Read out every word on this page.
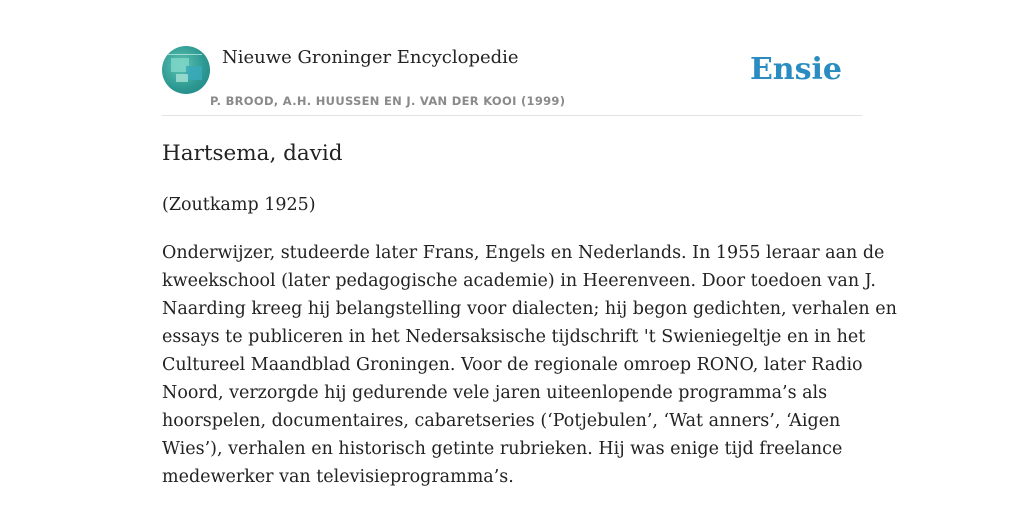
Nieuwe Groninger Encyclopedie
P. BROOD, A.H. HUUSSEN EN J. VAN DER KOOI (1999)
Ensie
Hartsema, david
(Zoutkamp 1925)
Onderwijzer, studeerde later Frans, Engels en Nederlands. In 1955 leraar aan de
kweekschool (later pedagogische academie) in Heerenveen. Door toedoen van J.
Naarding kreeg hij belangstelling voor dialecten; hij begon gedichten, verhalen en
essays te publiceren in het Nedersaksische tijdschrift 't Swieniegeltje en in het
Cultureel Maandblad Groningen. Voor de regionale omroep RONO, later Radio
Noord, verzorgde hij gedurende vele jaren uiteenlopende programma’s als
hoorspelen, documentaires, cabaretseries (‘Potjebulen’, ‘Wat anners’, ‘Aigen
Wies’), verhalen en historisch getinte rubrieken. Hij was enige tijd freelance
medewerker van televisieprogramma’s.
